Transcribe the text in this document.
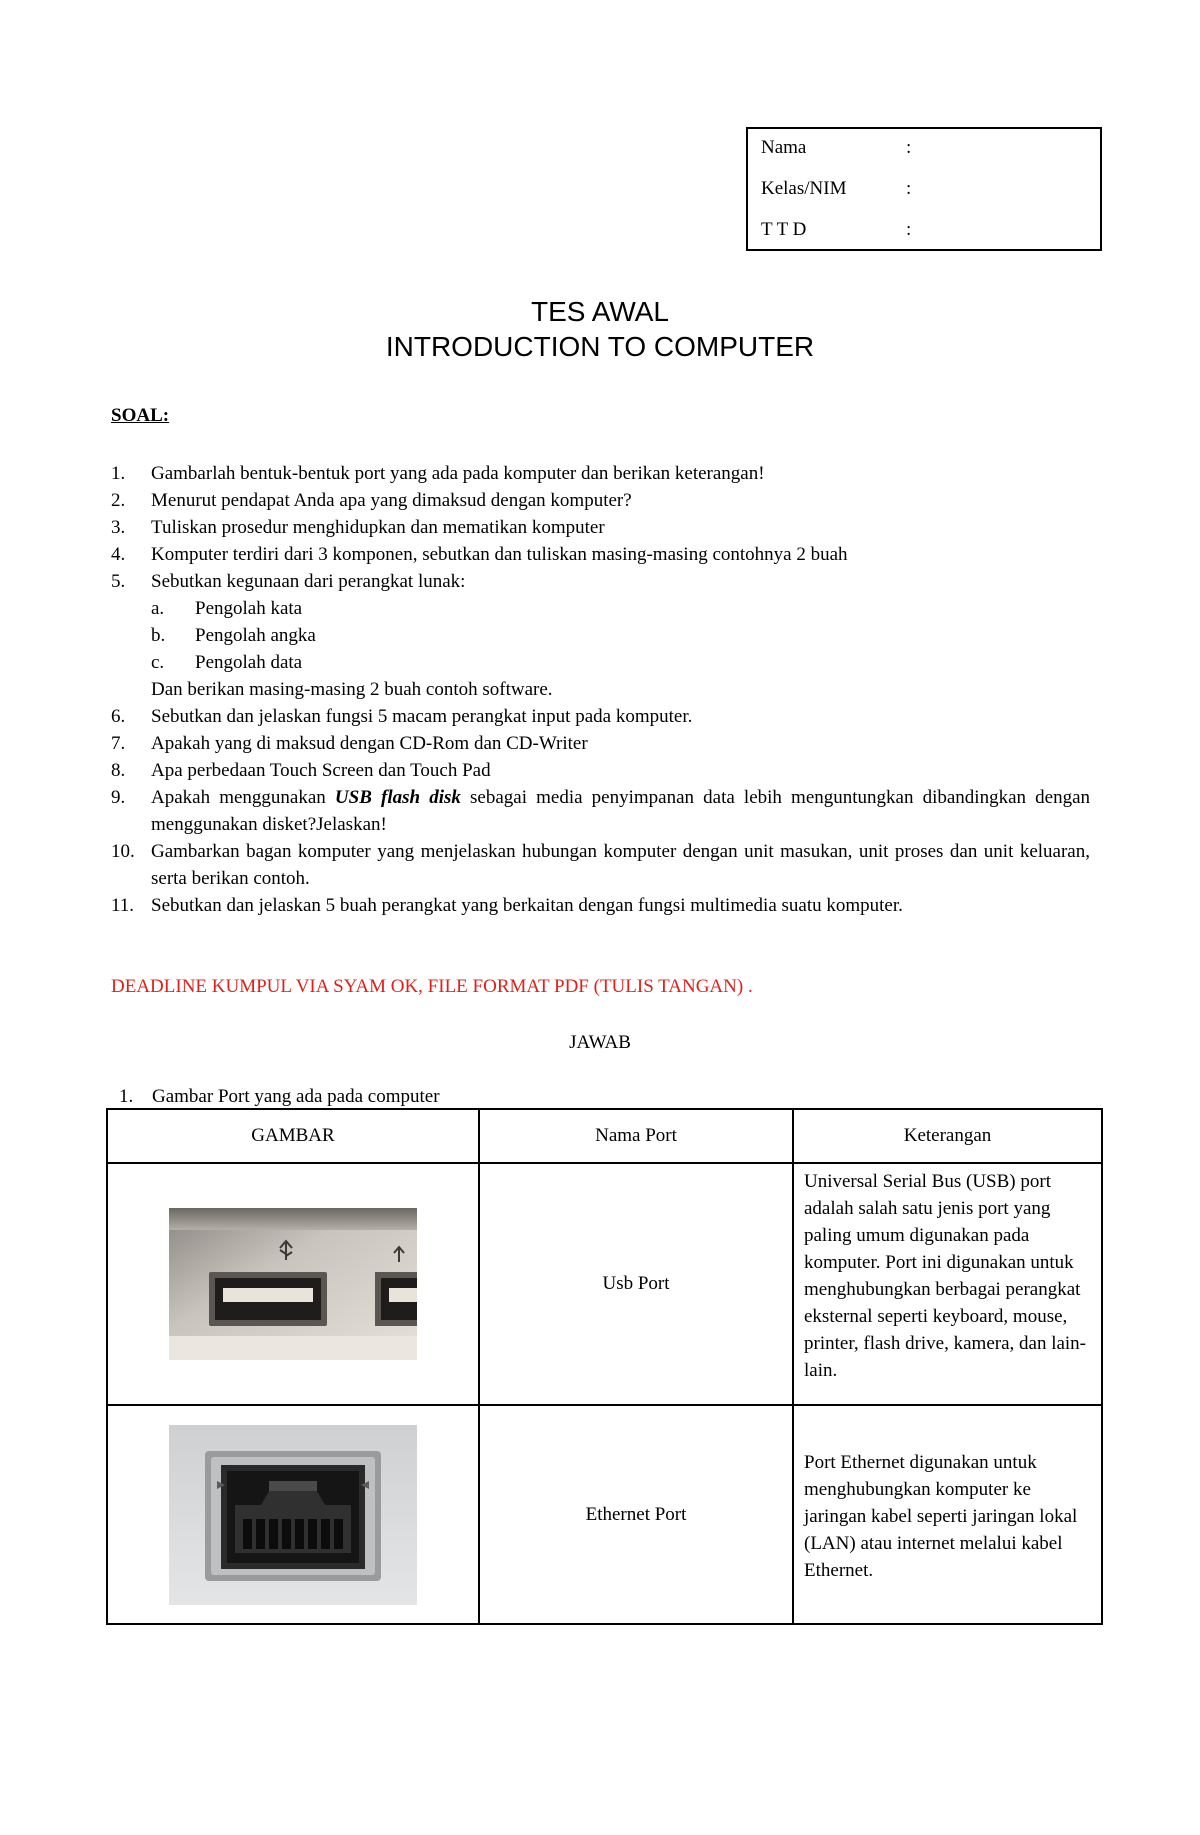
Nama	:
Kelas/NIM	:
T T D	:
TES AWAL
INTRODUCTION TO COMPUTER
SOAL:
1.	Gambarlah bentuk-bentuk port yang ada pada komputer dan berikan keterangan!
2.	Menurut pendapat Anda apa yang dimaksud dengan komputer?
3.	Tuliskan prosedur menghidupkan dan mematikan komputer
4.	Komputer terdiri dari 3 komponen, sebutkan dan tuliskan masing-masing contohnya 2 buah
5.	Sebutkan kegunaan dari perangkat lunak:
a.	Pengolah kata
b.	Pengolah angka
c.	Pengolah data
Dan berikan masing-masing 2 buah contoh software.
6.	Sebutkan dan jelaskan fungsi 5 macam perangkat input pada komputer.
7.	Apakah yang di maksud dengan CD-Rom dan CD-Writer
8.	Apa perbedaan Touch Screen dan Touch Pad
9.	Apakah menggunakan USB flash disk sebagai media penyimpanan data lebih menguntungkan dibandingkan dengan menggunakan disket?Jelaskan!
10. Gambarkan bagan komputer yang menjelaskan hubungan komputer dengan unit masukan, unit proses dan unit keluaran, serta berikan contoh.
11. Sebutkan dan jelaskan 5 buah perangkat yang berkaitan dengan fungsi multimedia suatu komputer.
DEADLINE KUMPUL VIA SYAM OK, FILE FORMAT PDF (TULIS TANGAN) .
JAWAB
1. Gambar Port yang ada pada computer
GAMBAR	Nama Port	Keterangan
	Usb Port	Universal Serial Bus (USB) port adalah salah satu jenis port yang paling umum digunakan pada komputer. Port ini digunakan untuk menghubungkan berbagai perangkat eksternal seperti keyboard, mouse, printer, flash drive, kamera, dan lain-lain.
	Ethernet Port	Port Ethernet digunakan untuk menghubungkan komputer ke jaringan kabel seperti jaringan lokal (LAN) atau internet melalui kabel Ethernet.
